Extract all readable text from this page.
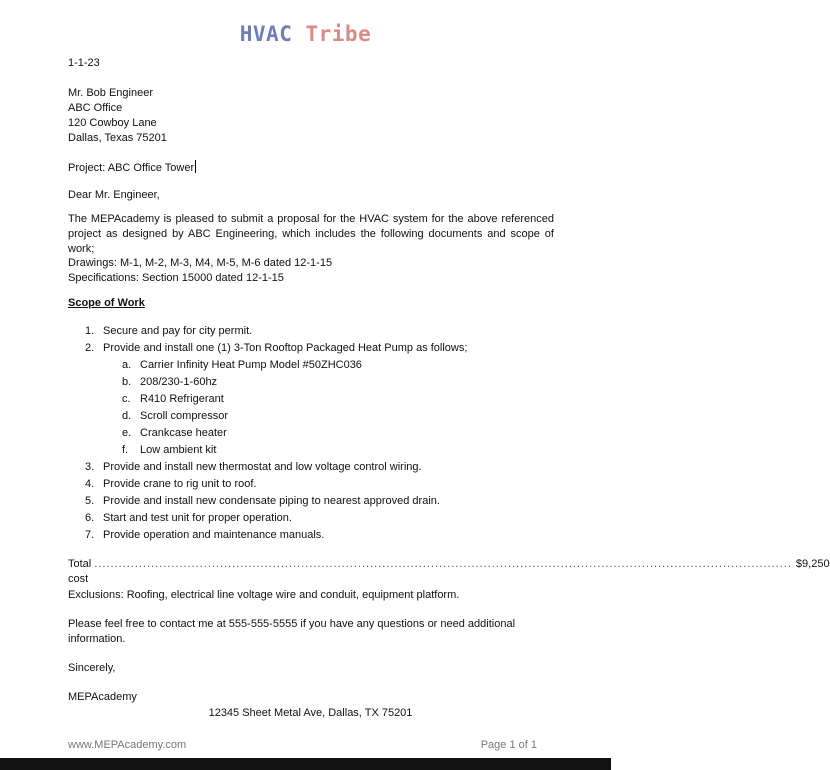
HVAC Tribe
1-1-23
Mr. Bob Engineer
ABC Office
120 Cowboy Lane
Dallas, Texas 75201
Project: ABC Office Tower
Dear Mr. Engineer,
The MEPAcademy is pleased to submit a proposal for the HVAC system for the above referenced project as designed by ABC Engineering, which includes the following documents and scope of work;
Drawings: M-1, M-2, M-3, M4, M-5, M-6 dated 12-1-15
Specifications: Section 15000 dated 12-1-15
Scope of Work
1. Secure and pay for city permit.
2. Provide and install one (1) 3-Ton Rooftop Packaged Heat Pump as follows;
a. Carrier Infinity Heat Pump Model #50ZHC036
b. 208/230-1-60hz
c. R410 Refrigerant
d. Scroll compressor
e. Crankcase heater
f. Low ambient kit
3. Provide and install new thermostat and low voltage control wiring.
4. Provide crane to rig unit to roof.
5. Provide and install new condensate piping to nearest approved drain.
6. Start and test unit for proper operation.
7. Provide operation and maintenance manuals.
Total cost
............................................................................................................................................................................ $9,250
Exclusions: Roofing, electrical line voltage wire and conduit, equipment platform.
Please feel free to contact me at 555-555-5555 if you have any questions or need additional information.
Sincerely,
MEPAcademy
12345 Sheet Metal Ave, Dallas, TX 75201
www.MEPAcademy.com	Page 1 of 1
